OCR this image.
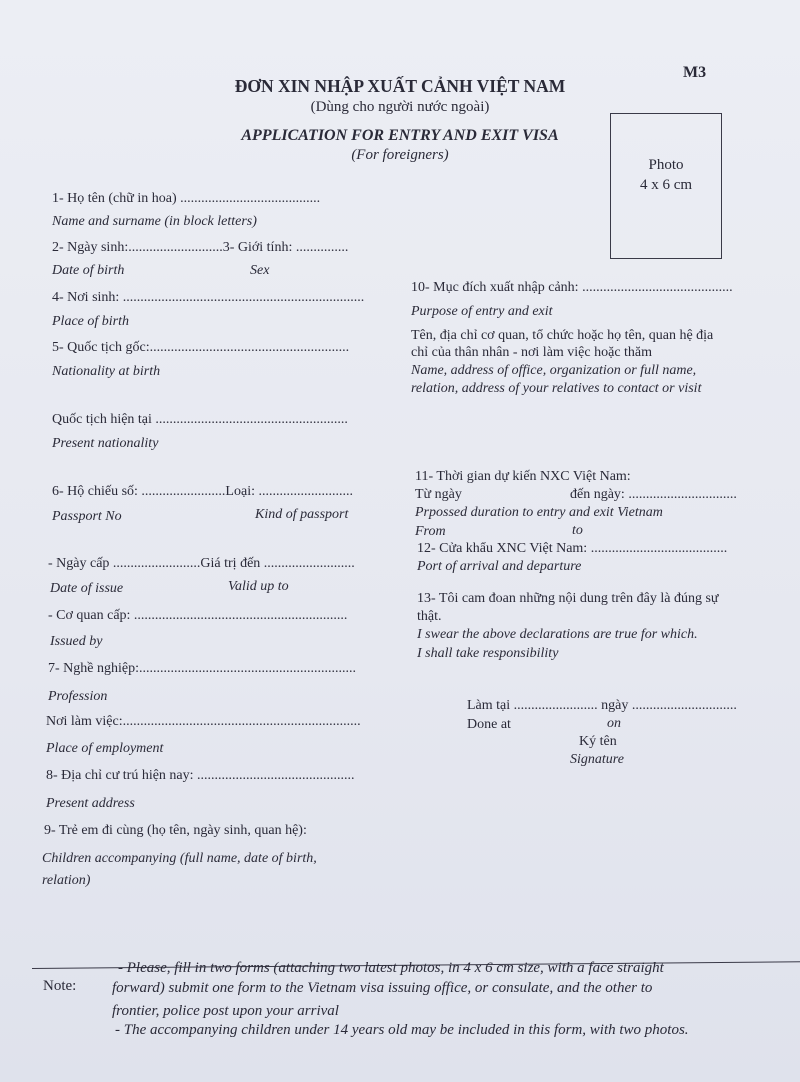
M3
ĐƠN XIN NHẬP XUẤT CẢNH VIỆT NAM
(Dùng cho người nước ngoài)
APPLICATION FOR ENTRY AND EXIT VISA
(For foreigners)
Photo
4 x 6 cm
1- Họ tên (chữ in hoa) ........................................
Name and surname (in block letters)
2- Ngày sinh:...........................3- Giới tính: ...............
Date of birth	Sex
4- Nơi sinh: .....................................................................
Place of birth
5- Quốc tịch gốc:.........................................................
Nationality at birth
Quốc tịch hiện tại .......................................................
Present nationality
6- Hộ chiếu số: ........................Loại: ...........................
Passport No	Kind of passport
- Ngày cấp .........................Giá trị đến ..........................
Date of issue	Valid up to
- Cơ quan cấp: .............................................................
Issued by
7- Nghề nghiệp:..............................................................
Profession
Nơi làm việc:....................................................................
Place of employment
8- Địa chỉ cư trú hiện nay: .............................................
Present address
9- Trẻ em đi cùng (họ tên, ngày sinh, quan hệ):
Children accompanying (full name, date of birth,
relation)
10- Mục đích xuất nhập cảnh: ...........................................
Purpose of entry and exit
Tên, địa chỉ cơ quan, tổ chức hoặc họ tên, quan hệ địa
chỉ của thân nhân - nơi làm việc hoặc thăm
Name, address of office, organization or full name,
relation, address of your relatives to contact or visit
11- Thời gian dự kiến NXC Việt Nam:
Từ ngày	đến ngày: ...............................
Prpossed duration to entry and exit Vietnam
From	to
12- Cửa khẩu XNC Việt Nam: .......................................
Port of arrival and departure
13- Tôi cam đoan những nội dung trên đây là đúng sự
thật.
I swear the above declarations are true for which.
I shall take responsibility
Làm tại ........................ ngày ..............................
Done at	on
Ký tên
Signature
Note:
- Please, fill in two forms (attaching two latest photos, in 4 x 6 cm size, with a face straight
forward) submit one form to the Vietnam visa issuing office, or consulate, and the other to
frontier, police post upon your arrival
- The accompanying children under 14 years old may be included in this form, with two photos.
